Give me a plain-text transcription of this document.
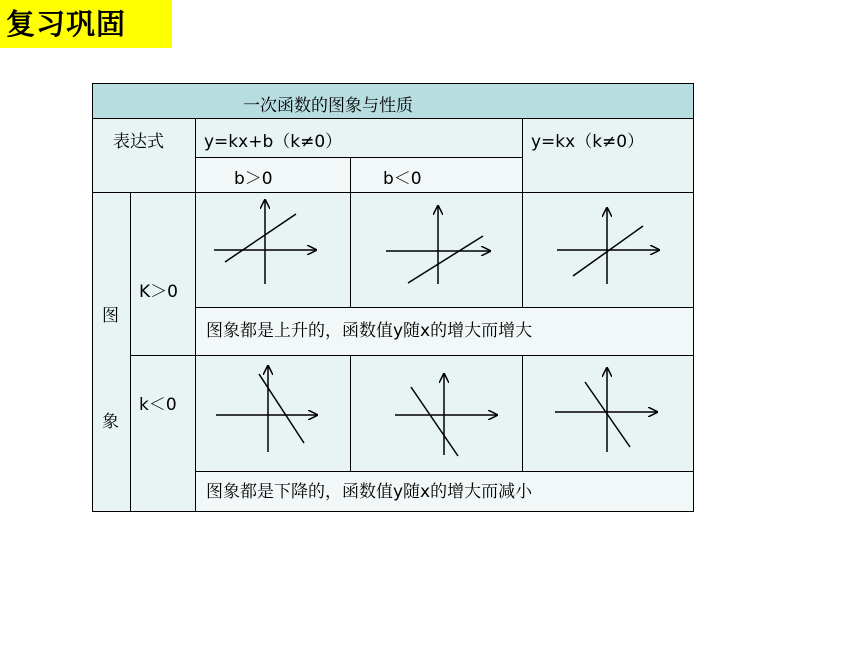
复习巩固
一次函数的图象与性质
表达式 y=kx+b（k≠0）	y=kx（k≠0）
b＞0	b＜0
图
象
K＞0
图象都是上升的，函数值y随x的增大而增大
k＜0
图象都是下降的，函数值y随x的增大而减小
